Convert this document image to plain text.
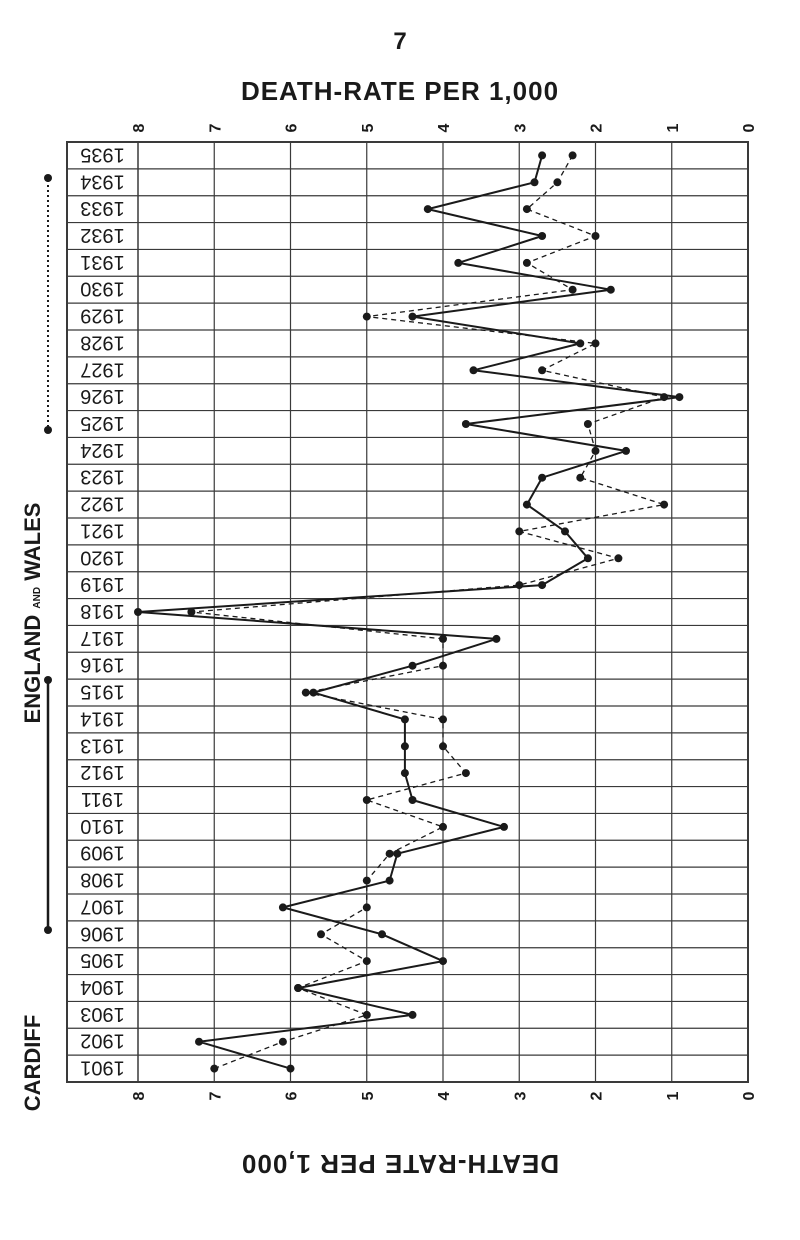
7
DEATH-RATE PER 1,000
8	7	6	5	4	3	2	1	0
8	7	6	5	4	3	2	1	0
1901
1902
1903
1904
1905
1906
1907
1908
1909
1910
1911
1912
1913
1914
1915
1916
1917
1918
1919
1920
1921
1922
1923
1924
1925
1926
1927
1928
1929
1930
1931
1932
1933
1934
1935
DEATH-RATE PER 1,000
ENGLAND AND WALES
CARDIFF
